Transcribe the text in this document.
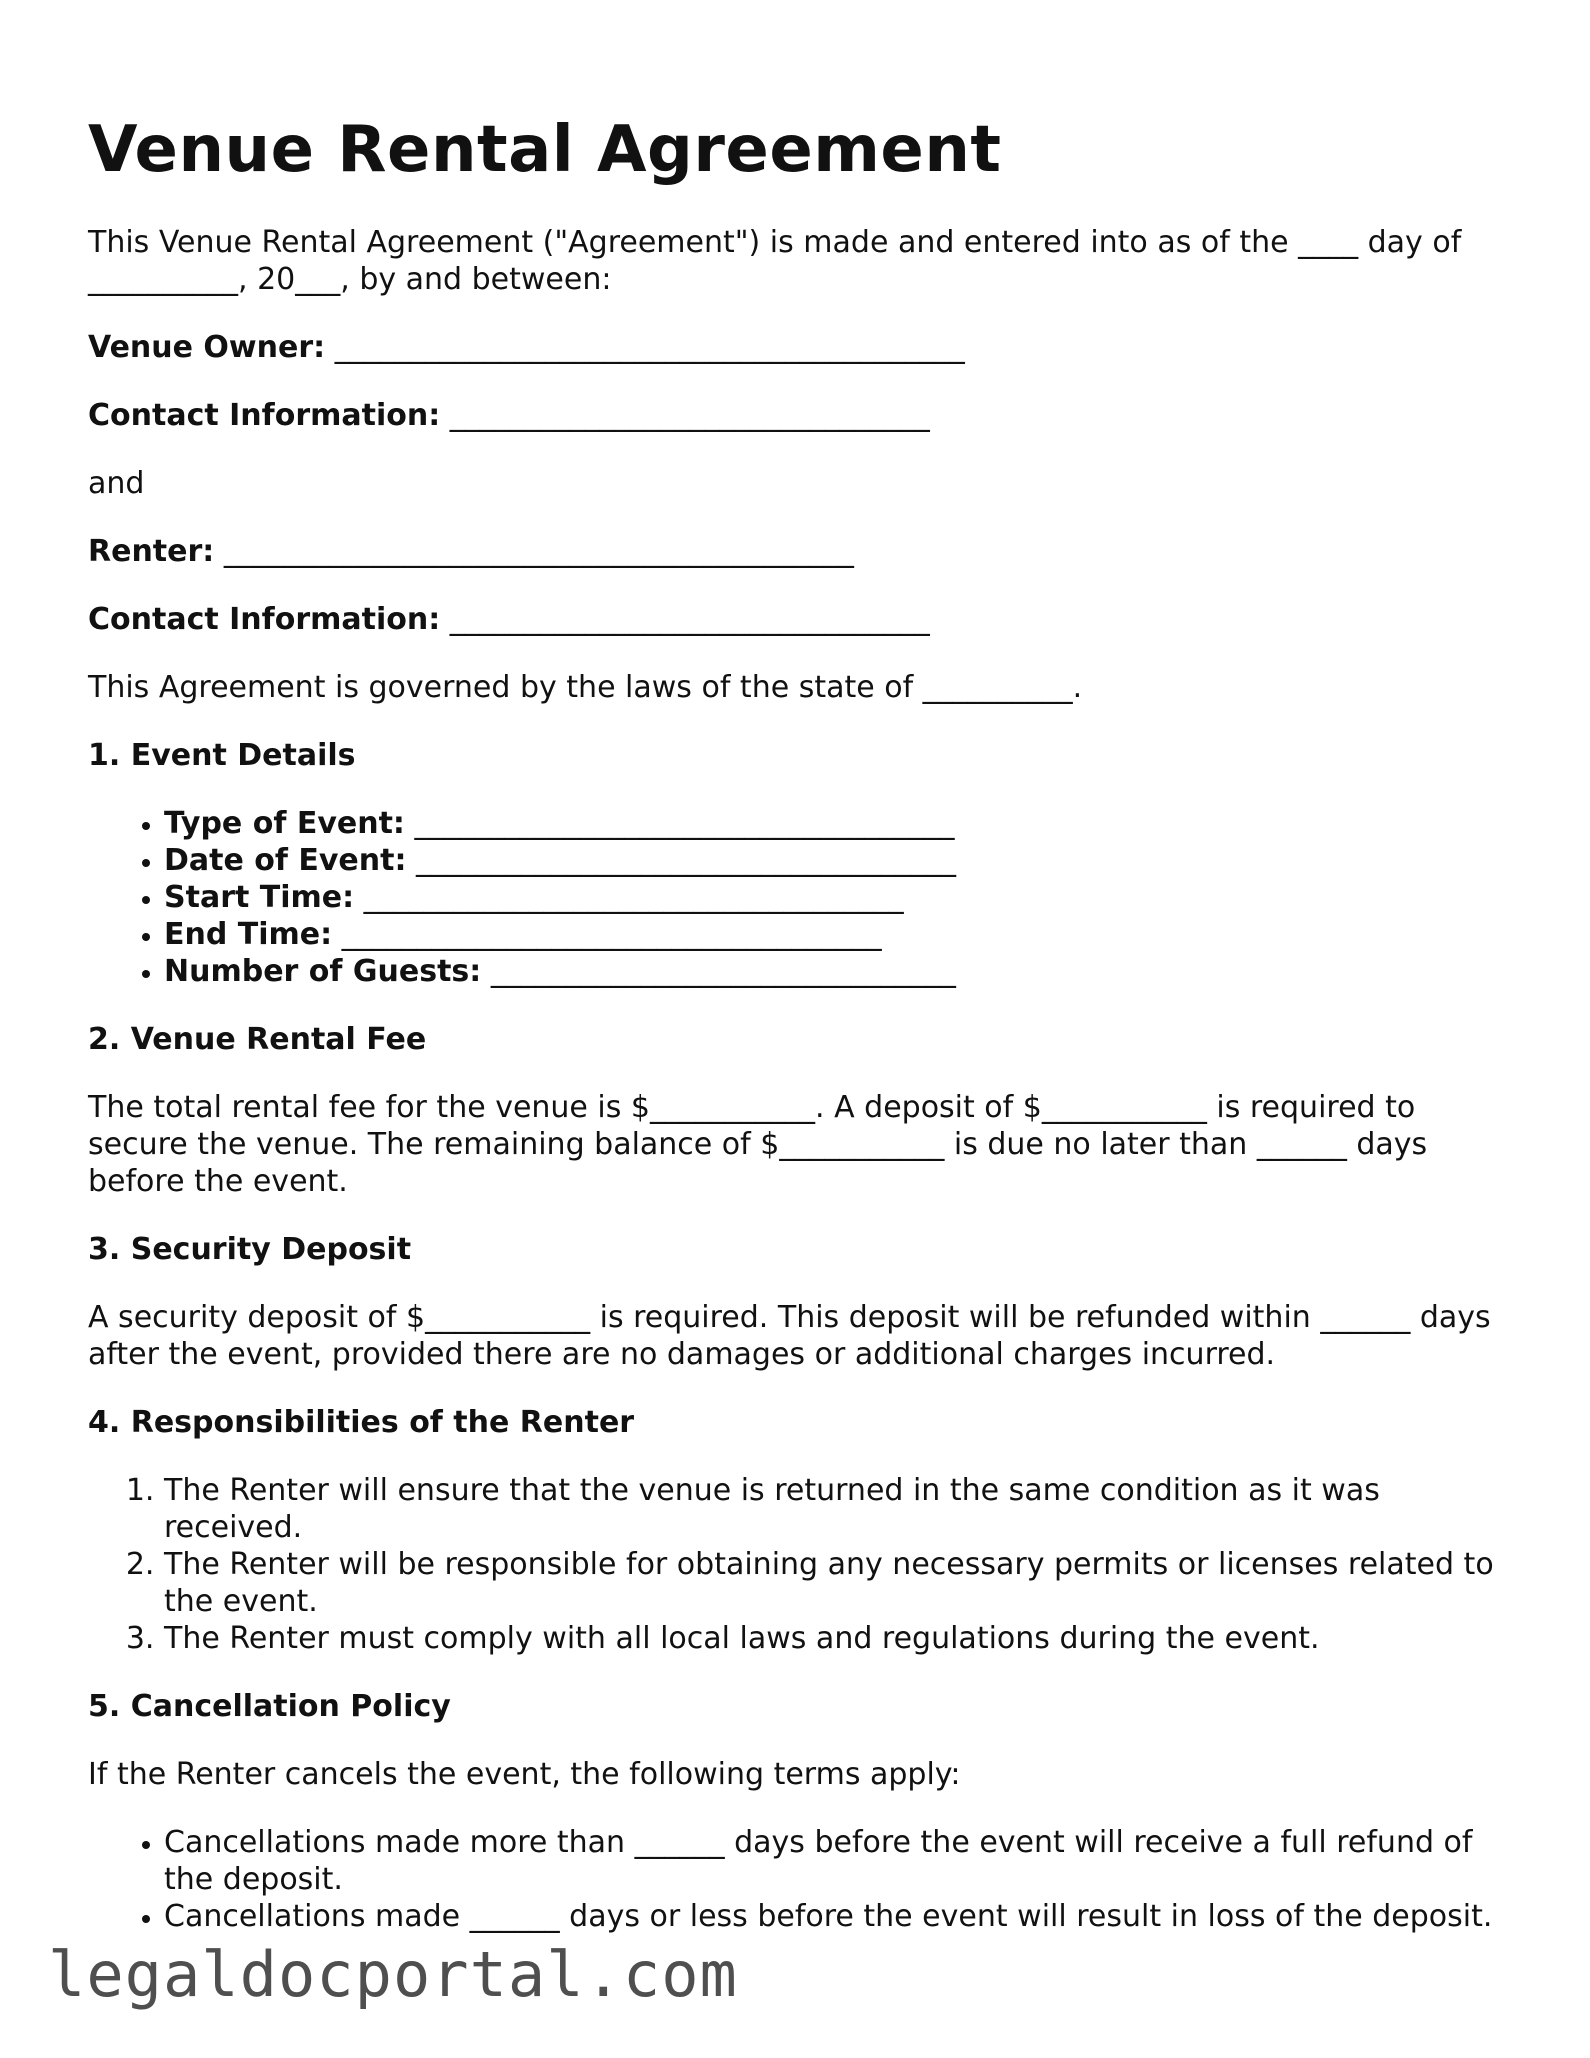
Venue Rental Agreement

This Venue Rental Agreement ("Agreement") is made and entered into as of the ____ day of __________, 20___, by and between:

Venue Owner: __________________________________________

Contact Information: ________________________________

and

Renter: __________________________________________

Contact Information: ________________________________

This Agreement is governed by the laws of the state of __________.

1. Event Details
• Type of Event: ____________________________________
• Date of Event: ____________________________________
• Start Time: ____________________________________
• End Time: ____________________________________
• Number of Guests: _______________________________
2. Venue Rental Fee

The total rental fee for the venue is $___________. A deposit of $___________ is required to secure the venue. The remaining balance of $___________ is due no later than ______ days before the event.

3. Security Deposit

A security deposit of $___________ is required. This deposit will be refunded within ______ days after the event, provided there are no damages or additional charges incurred.

4. Responsibilities of the Renter
1. The Renter will ensure that the venue is returned in the same condition as it was received.
2. The Renter will be responsible for obtaining any necessary permits or licenses related to the event.
3. The Renter must comply with all local laws and regulations during the event.
5. Cancellation Policy

If the Renter cancels the event, the following terms apply:

• Cancellations made more than ______ days before the event will receive a full refund of the deposit.
• Cancellations made ______ days or less before the event will result in loss of the deposit.
legaldocportal.com
